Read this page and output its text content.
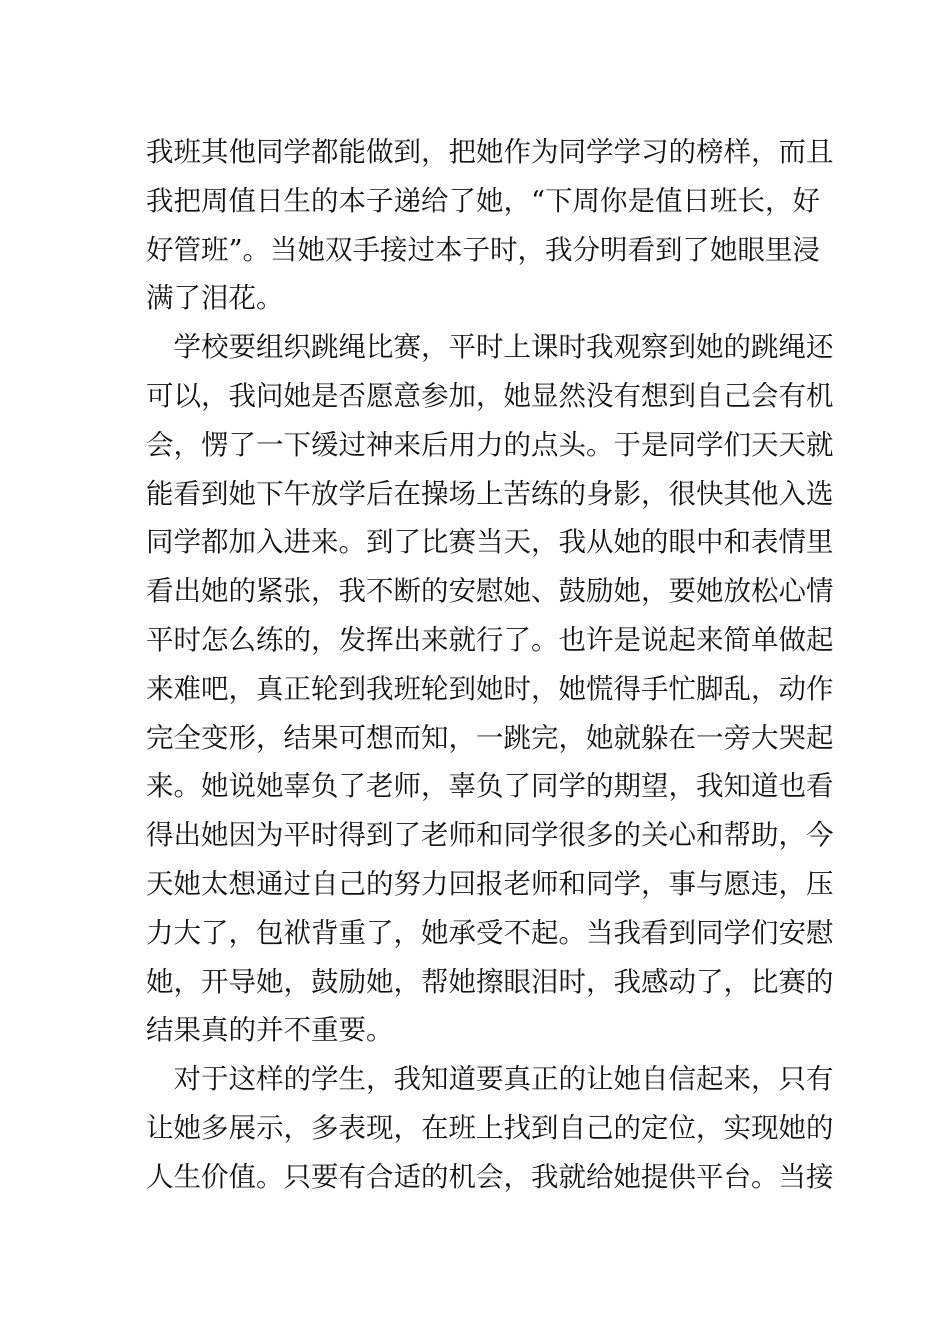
我班其他同学都能做到，把她作为同学学习的榜样，而且
我把周值日生的本子递给了她，“下周你是值日班长，好
好管班”。当她双手接过本子时，我分明看到了她眼里浸
满了泪花。
　学校要组织跳绳比赛，平时上课时我观察到她的跳绳还
可以，我问她是否愿意参加，她显然没有想到自己会有机
会，愣了一下缓过神来后用力的点头。于是同学们天天就
能看到她下午放学后在操场上苦练的身影，很快其他入选
同学都加入进来。到了比赛当天，我从她的眼中和表情里
看出她的紧张，我不断的安慰她、鼓励她，要她放松心情
平时怎么练的，发挥出来就行了。也许是说起来简单做起
来难吧，真正轮到我班轮到她时，她慌得手忙脚乱，动作
完全变形，结果可想而知，一跳完，她就躲在一旁大哭起
来。她说她辜负了老师，辜负了同学的期望，我知道也看
得出她因为平时得到了老师和同学很多的关心和帮助，今
天她太想通过自己的努力回报老师和同学，事与愿违，压
力大了，包袱背重了，她承受不起。当我看到同学们安慰
她，开导她，鼓励她，帮她擦眼泪时，我感动了，比赛的
结果真的并不重要。
　对于这样的学生，我知道要真正的让她自信起来，只有
让她多展示，多表现，在班上找到自己的定位，实现她的
人生价值。只要有合适的机会，我就给她提供平台。当接
